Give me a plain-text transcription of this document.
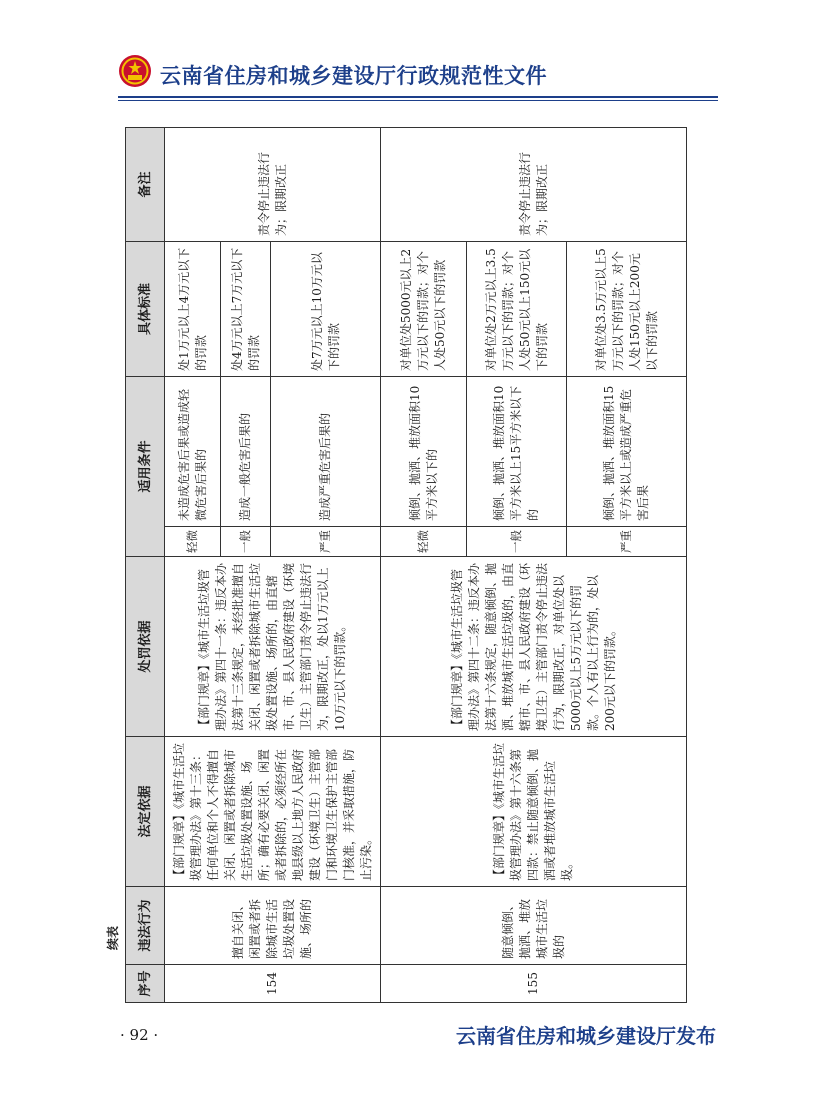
云南省住房和城乡建设厅行政规范性文件
续表
序号	违法行为	法定依据	处罚依据	适用条件		具体标准	备注
154	擅自关闭、闲置或者拆除城市生活垃圾处置设施、场所的	【部门规章】《城市生活垃圾管理办法》第十三条：任何单位和个人不得擅自关闭、闲置或者拆除城市生活垃圾处置设施、场所；确有必要关闭、闲置或者拆除的，必须经所在地县级以上地方人民政府建设（环境卫生）主管部门和环境卫生保护主管部门核准，并采取措施，防止污染。	【部门规章】《城市生活垃圾管理办法》第四十一条：违反本办法第十三条规定，未经批准擅自关闭、闲置或者拆除城市生活垃圾处置设施、场所的，由直辖市、市、县人民政府建设（环境卫生）主管部门责令停止违法行为，限期改正，处以1万元以上10万元以下的罚款。	轻微	未造成危害后果或造成轻微危害后果的	处1万元以上4万元以下的罚款	责令停止违法行为；限期改正
				一般	造成一般危害后果的	处4万元以上7万元以下的罚款	
				严重	造成严重危害后果的	处7万元以上10万元以下的罚款	
155	随意倾倒、抛洒、堆放城市生活垃圾的	【部门规章】《城市生活垃圾管理办法》第十六条第四款：禁止随意倾倒、抛洒或者堆放城市生活垃圾。	【部门规章】《城市生活垃圾管理办法》第四十二条：违反本办法第十六条规定，随意倾倒、抛洒、堆放城市生活垃圾的，由直辖市、市、县人民政府建设（环境卫生）主管部门责令停止违法行为，限期改正，对单位处以5000元以上5万元以下的罚款。个人有以上行为的，处以200元以下的罚款。	轻微	倾倒、抛洒、堆放面积10平方米以下的	对单位处5000元以上2万元以下的罚款；对个人处50元以下的罚款	责令停止违法行为；限期改正
				一般	倾倒、抛洒、堆放面积10平方米以上15平方米以下的	对单位处2万元以上3.5万元以下的罚款；对个人处50元以上150元以下的罚款	
				严重	倾倒、抛洒、堆放面积15平方米以上或造成严重危害后果	对单位处3.5万元以上5万元以下的罚款；对个人处150元以上200元以下的罚款	
· 92 ·	云南省住房和城乡建设厅发布
